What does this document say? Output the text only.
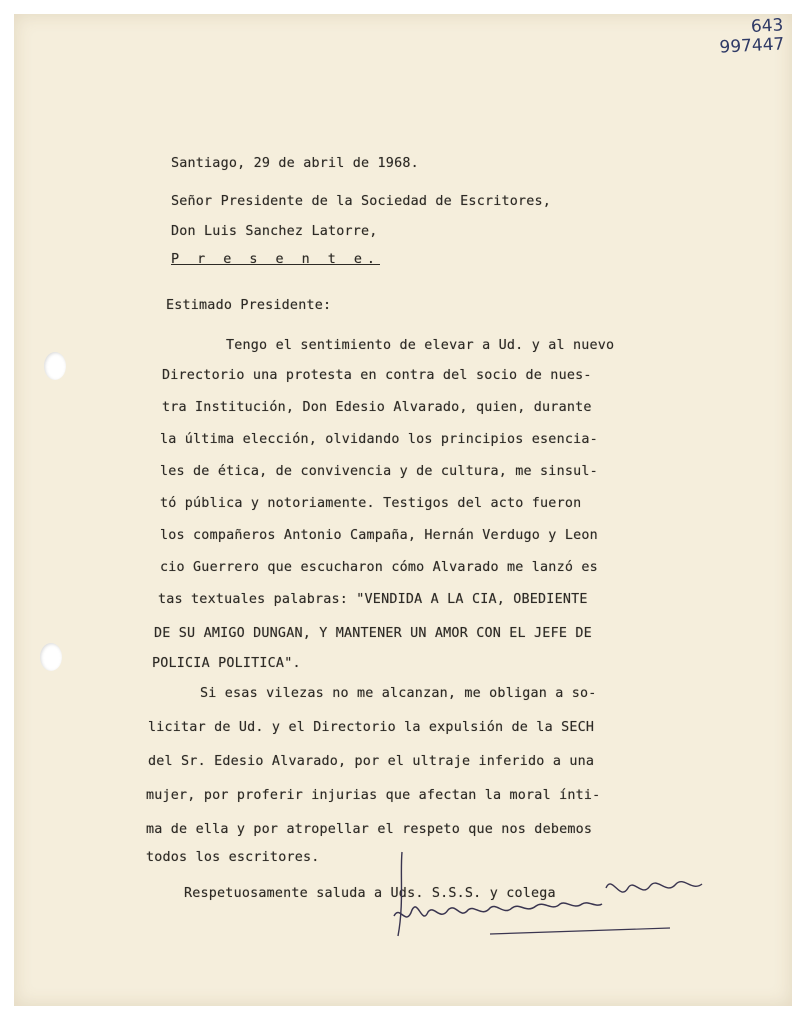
643
997447
Santiago, 29 de abril de 1968.
Señor Presidente de la Sociedad de Escritores,
Don Luis Sanchez Latorre,
P r e s e n t e.
Estimado Presidente:
Tengo el sentimiento de elevar a Ud. y al nuevo
Directorio una protesta en contra del socio de nues-
tra Institución, Don Edesio Alvarado, quien, durante
la última elección, olvidando los principios esencia-
les de ética, de convivencia y de cultura, me sinsul-
tó pública y notoriamente. Testigos del acto fueron
los compañeros Antonio Campaña, Hernán Verdugo y Leon
cio Guerrero que escucharon cómo Alvarado me lanzó es
tas textuales palabras: "VENDIDA A LA CIA, OBEDIENTE
DE SU AMIGO DUNGAN, Y MANTENER UN AMOR CON EL JEFE DE
POLICIA POLITICA".
Si esas vilezas no me alcanzan, me obligan a so-
licitar de Ud. y el Directorio la expulsión de la SECH
del Sr. Edesio Alvarado, por el ultraje inferido a una
mujer, por proferir injurias que afectan la moral ínti-
ma de ella y por atropellar el respeto que nos debemos
todos los escritores.
Respetuosamente saluda a Uds. S.S.S. y colega
